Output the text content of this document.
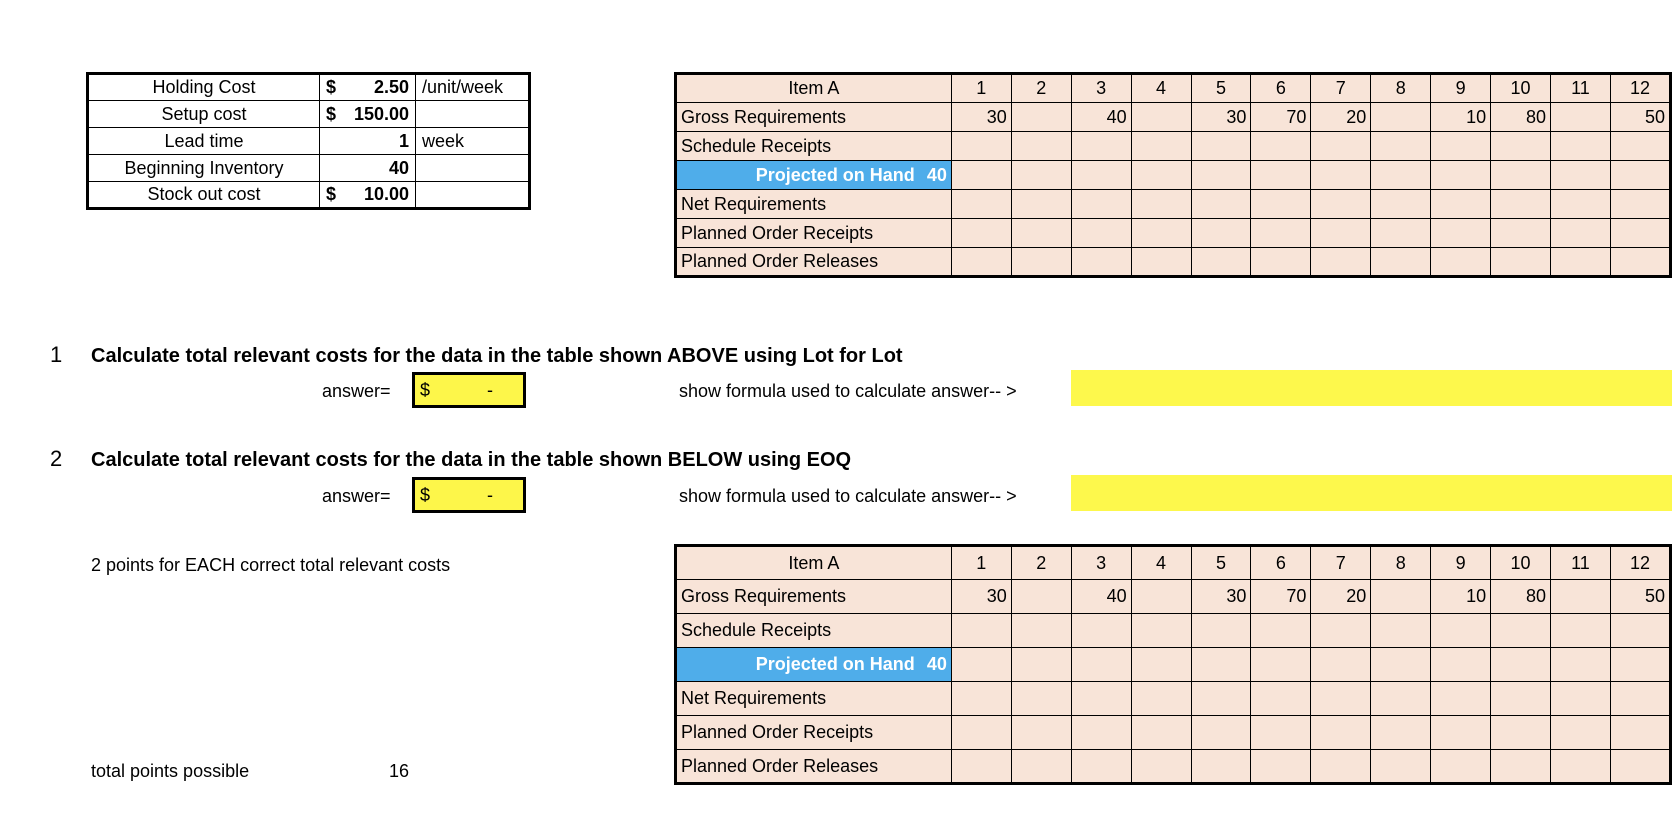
Holding Cost	$ 2.50	/unit/week
Setup cost	$ 150.00	

Lead time	1	week
Beginning Inventory	40	
Stock out cost	$ 10.00	

Item A	1	2	3	4	5	6	7	8	9	10	11	12
Gross Requirements	30		40		30	70	20		10	80		50
Schedule Receipts												
Projected on Hand 40												
Net Requirements												
Planned Order Receipts												
Planned Order Releases												
Item A	1	2	3	4	5	6	7	8	9	10	11	12
Gross Requirements	30		40		30	70	20		10	80		50
Schedule Receipts												
Projected on Hand 40												
Net Requirements												
Planned Order Receipts												
Planned Order Releases												
1 Calculate total relevant costs for the data in the table shown ABOVE using Lot for Lot
answer= $	-	show formula used to calculate answer-- >
2 Calculate total relevant costs for the data in the table shown BELOW using EOQ
answer= $	-	show formula used to calculate answer-- >
2 points for EACH correct total relevant costs
total points possible	16
